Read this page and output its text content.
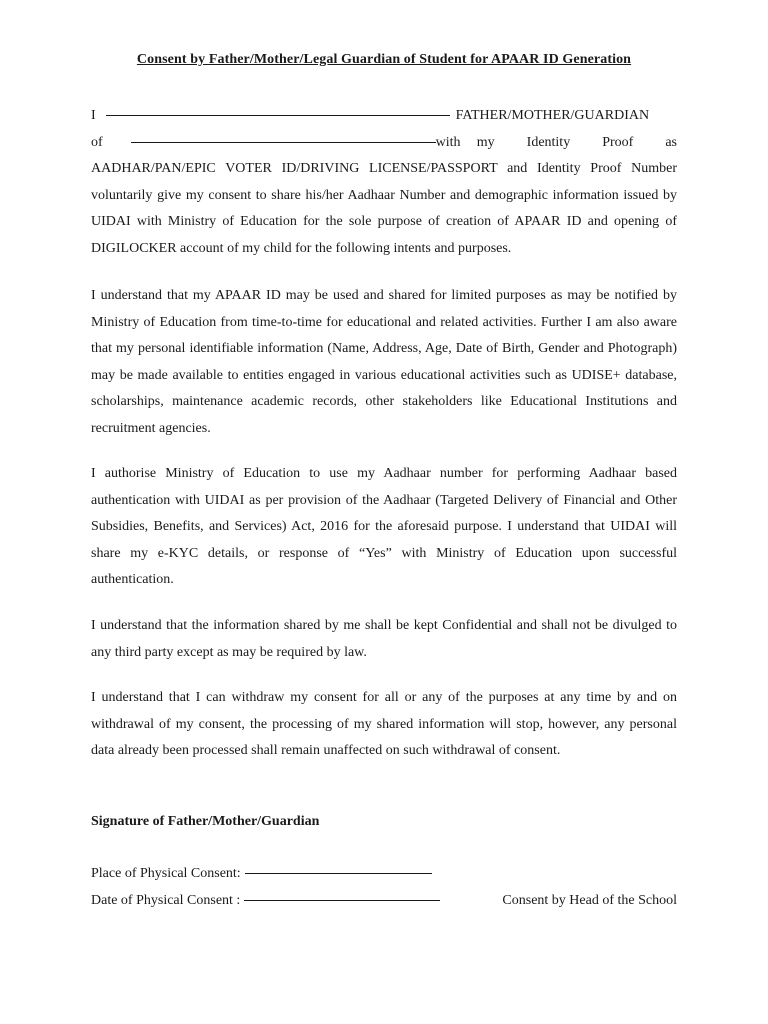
Consent by Father/Mother/Legal Guardian of Student for APAAR ID Generation
I	FATHER/MOTHER/GUARDIAN
of	with my Identity Proof as
AADHAR/PAN/EPIC VOTER ID/DRIVING LICENSE/PASSPORT and Identity Proof Number voluntarily give my consent to share his/her Aadhaar Number and demographic information issued by UIDAI with Ministry of Education for the sole purpose of creation of APAAR ID and opening of DIGILOCKER account of my child for the following intents and purposes.

I understand that my APAAR ID may be used and shared for limited purposes as may be notified by Ministry of Education from time-to-time for educational and related activities. Further I am also aware that my personal identifiable information (Name, Address, Age, Date of Birth, Gender and Photograph) may be made available to entities engaged in various educational activities such as UDISE+ database, scholarships, maintenance academic records, other stakeholders like Educational Institutions and recruitment agencies.

I authorise Ministry of Education to use my Aadhaar number for performing Aadhaar based authentication with UIDAI as per provision of the Aadhaar (Targeted Delivery of Financial and Other Subsidies, Benefits, and Services) Act, 2016 for the aforesaid purpose. I understand that UIDAI will share my e-KYC details, or response of “Yes” with Ministry of Education upon successful authentication.

I understand that the information shared by me shall be kept Confidential and shall not be divulged to any third party except as may be required by law.

I understand that I can withdraw my consent for all or any of the purposes at any time by and on withdrawal of my consent, the processing of my shared information will stop, however, any personal data already been processed shall remain unaffected on such withdrawal of consent.

Signature of Father/Mother/Guardian
Place of Physical Consent:
Date of Physical Consent :	Consent by Head of the School
